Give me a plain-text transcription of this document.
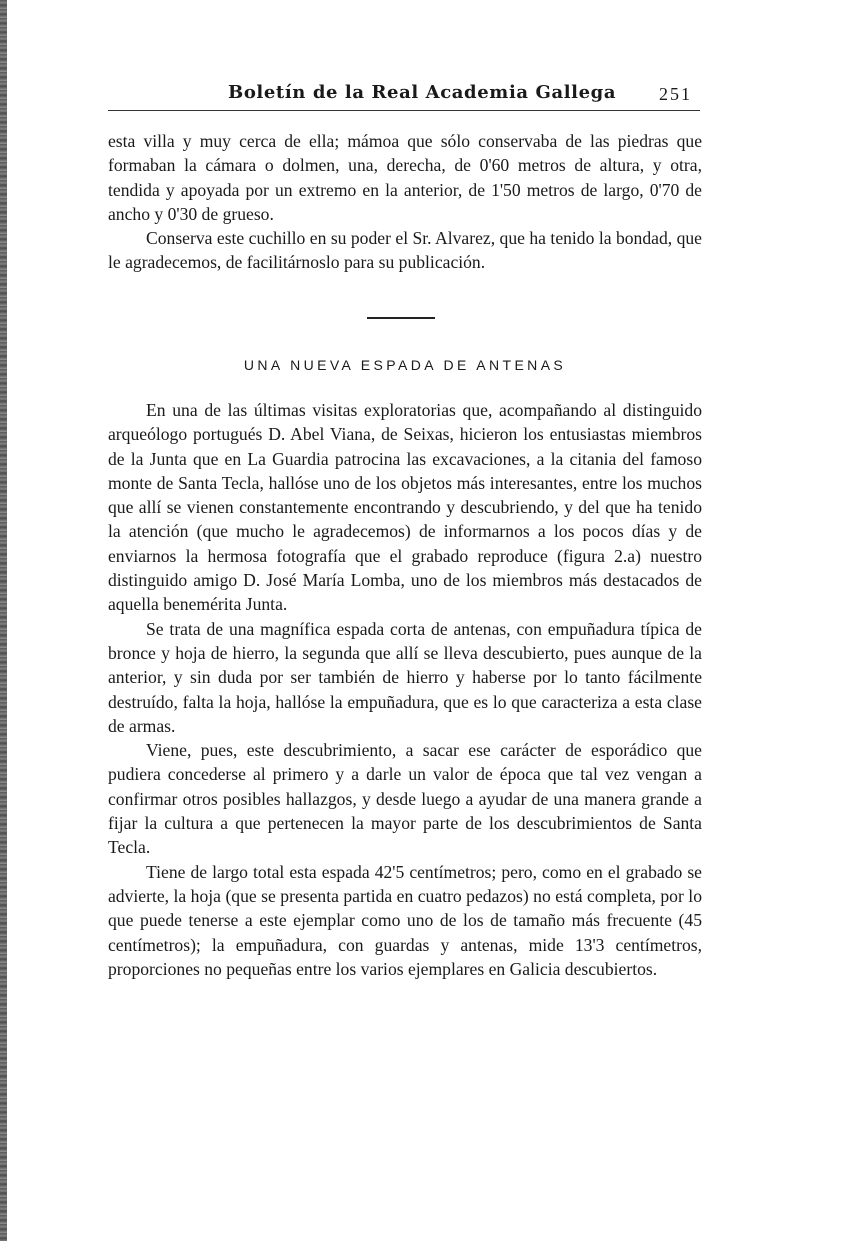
Boletín de la Real Academia Gallega 251

esta villa y muy cerca de ella; mámoa que sólo conservaba de las piedras que formaban la cámara o dolmen, una, derecha, de 0'60 metros de altura, y otra, tendida y apoyada por un extremo en la anterior, de 1'50 metros de largo, 0'70 de ancho y 0'30 de grueso.

Conserva este cuchillo en su poder el Sr. Alvarez, que ha tenido la bondad, que le agradecemos, de facilitárnoslo para su publicación.

UNA NUEVA ESPADA DE ANTENAS

En una de las últimas visitas exploratorias que, acompañando al distinguido arqueólogo portugués D. Abel Viana, de Seixas, hicieron los entusiastas miembros de la Junta que en La Guardia patrocina las excavaciones, a la citania del famoso monte de Santa Tecla, hallóse uno de los objetos más interesantes, entre los muchos que allí se vienen constantemente encontrando y descubriendo, y del que ha tenido la atención (que mucho le agradecemos) de informarnos a los pocos días y de enviarnos la hermosa fotografía que el grabado reproduce (figura 2.a) nuestro distinguido amigo D. José María Lomba, uno de los miembros más destacados de aquella benemérita Junta.

Se trata de una magnífica espada corta de antenas, con empuñadura típica de bronce y hoja de hierro, la segunda que allí se lleva descubierto, pues aunque de la anterior, y sin duda por ser también de hierro y haberse por lo tanto fácilmente destruído, falta la hoja, hallóse la empuñadura, que es lo que caracteriza a esta clase de armas.

Viene, pues, este descubrimiento, a sacar ese carácter de esporádico que pudiera concederse al primero y a darle un valor de época que tal vez vengan a confirmar otros posibles hallazgos, y desde luego a ayudar de una manera grande a fijar la cultura a que pertenecen la mayor parte de los descubrimientos de Santa Tecla.

Tiene de largo total esta espada 42'5 centímetros; pero, como en el grabado se advierte, la hoja (que se presenta partida en cuatro pedazos) no está completa, por lo que puede tenerse a este ejemplar como uno de los de tamaño más frecuente (45 centímetros); la empuñadura, con guardas y antenas, mide 13'3 centímetros, proporciones no pequeñas entre los varios ejemplares en Galicia descubiertos.
